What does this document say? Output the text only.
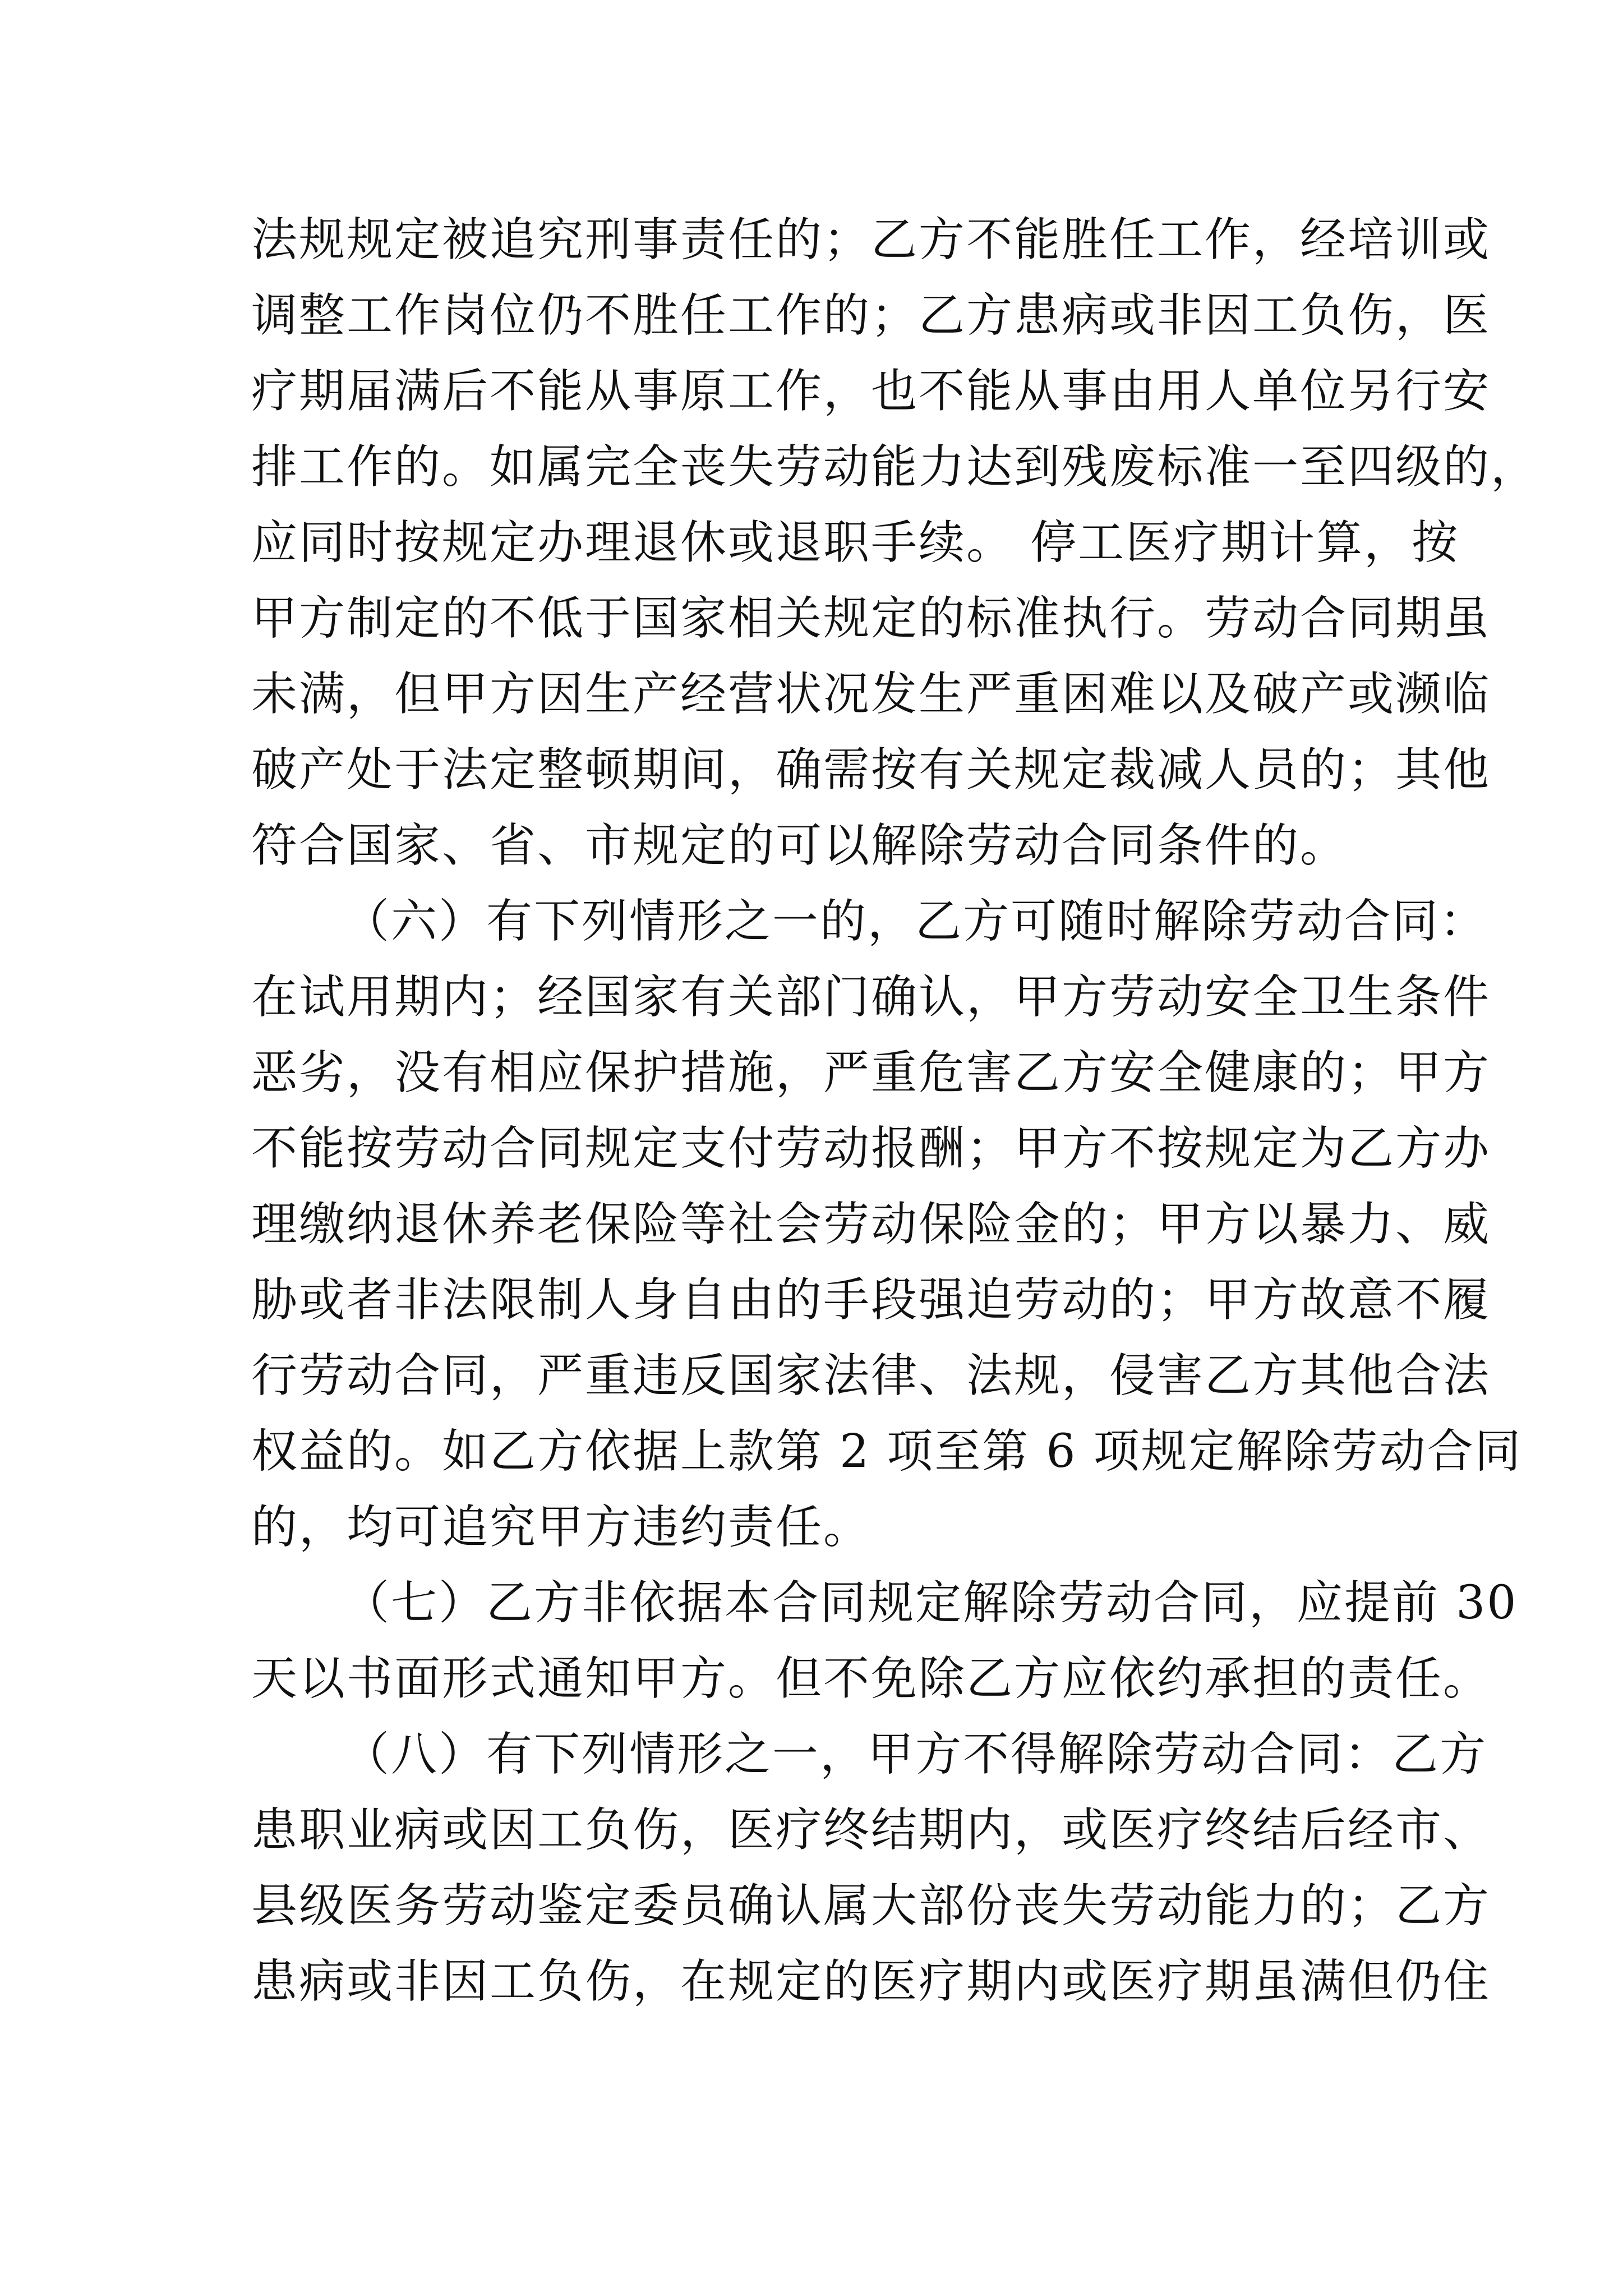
法规规定被追究刑事责任的；乙方不能胜任工作，经培训或
调整工作岗位仍不胜任工作的；乙方患病或非因工负伤，医
疗期届满后不能从事原工作，也不能从事由用人单位另行安
排工作的。如属完全丧失劳动能力达到残废标准一至四级的，
应同时按规定办理退休或退职手续。 停工医疗期计算，按
甲方制定的不低于国家相关规定的标准执行。劳动合同期虽
未满，但甲方因生产经营状况发生严重困难以及破产或濒临
破产处于法定整顿期间，确需按有关规定裁减人员的；其他
符合国家、省、市规定的可以解除劳动合同条件的。
（六）有下列情形之一的，乙方可随时解除劳动合同：
在试用期内；经国家有关部门确认，甲方劳动安全卫生条件
恶劣，没有相应保护措施，严重危害乙方安全健康的；甲方
不能按劳动合同规定支付劳动报酬；甲方不按规定为乙方办
理缴纳退休养老保险等社会劳动保险金的；甲方以暴力、威
胁或者非法限制人身自由的手段强迫劳动的；甲方故意不履
行劳动合同，严重违反国家法律、法规，侵害乙方其他合法
权益的。如乙方依据上款第 2 项至第 6 项规定解除劳动合同
的，均可追究甲方违约责任。
（七）乙方非依据本合同规定解除劳动合同，应提前 30
天以书面形式通知甲方。但不免除乙方应依约承担的责任。
（八）有下列情形之一，甲方不得解除劳动合同：乙方
患职业病或因工负伤，医疗终结期内，或医疗终结后经市、
县级医务劳动鉴定委员确认属大部份丧失劳动能力的；乙方
患病或非因工负伤，在规定的医疗期内或医疗期虽满但仍住
